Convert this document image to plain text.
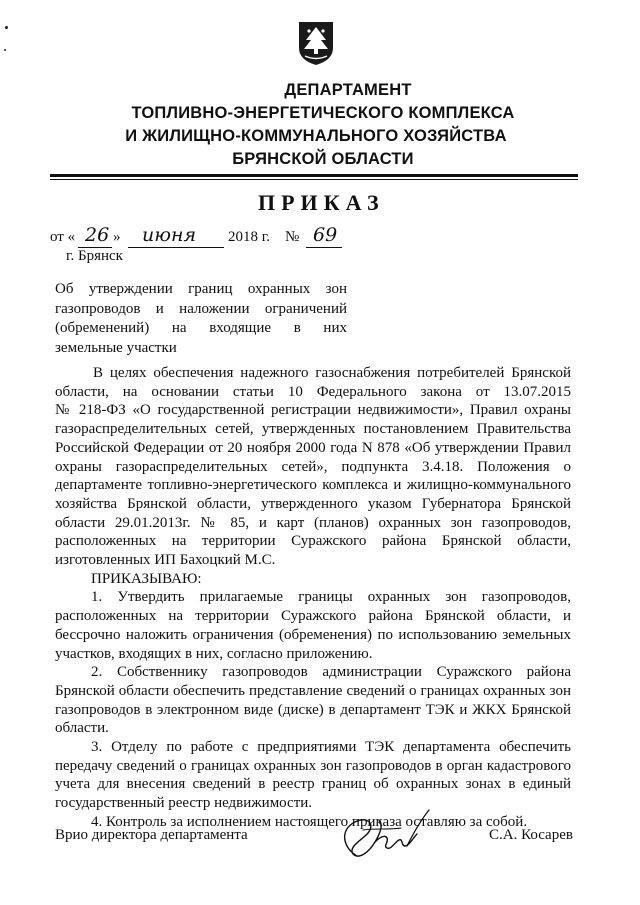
ДЕПАРТАМЕНТ
ТОПЛИВНО-ЭНЕРГЕТИЧЕСКОГО КОМПЛЕКСА
И ЖИЛИЩНО-КОММУНАЛЬНОГО ХОЗЯЙСТВА
БРЯНСКОЙ ОБЛАСТИ
ПРИКАЗ
от « 26 » июня 2018 г. № 69
г. Брянск
Об утверждении границ охранных зон
газопроводов и наложении ограничений
(обременений) на входящие в них
земельные участки
В целях обеспечения надежного газоснабжения потребителей Брянской
области, на основании статьи 10 Федерального закона от 13.07.2015
№ 218-ФЗ «О государственной регистрации недвижимости», Правил охраны
газораспределительных сетей, утвержденных постановлением Правительства
Российской Федерации от 20 ноября 2000 года N 878 «Об утверждении Правил
охраны газораспределительных сетей», подпункта 3.4.18. Положения о
департаменте топливно-энергетического комплекса и жилищно-коммунального
хозяйства Брянской области, утвержденного указом Губернатора Брянской
области 29.01.2013г. № 85, и карт (планов) охранных зон газопроводов,
расположенных на территории Суражского района Брянской области,
изготовленных ИП Бахоцкий М.С.
ПРИКАЗЫВАЮ:
1. Утвердить прилагаемые границы охранных зон газопроводов,
расположенных на территории Суражского района Брянской области, и
бессрочно наложить ограничения (обременения) по использованию земельных
участков, входящих в них, согласно приложению.
2. Собственнику газопроводов администрации Суражского района
Брянской области обеспечить представление сведений о границах охранных зон
газопроводов в электронном виде (диске) в департамент ТЭК и ЖКХ Брянской
области.
3. Отделу по работе с предприятиями ТЭК департамента обеспечить
передачу сведений о границах охранных зон газопроводов в орган кадастрового
учета для внесения сведений в реестр границ об охранных зонах в единый
государственный реестр недвижимости.
4. Контроль за исполнением настоящего приказа оставляю за собой.
Врио директора департамента	С.А. Косарев
